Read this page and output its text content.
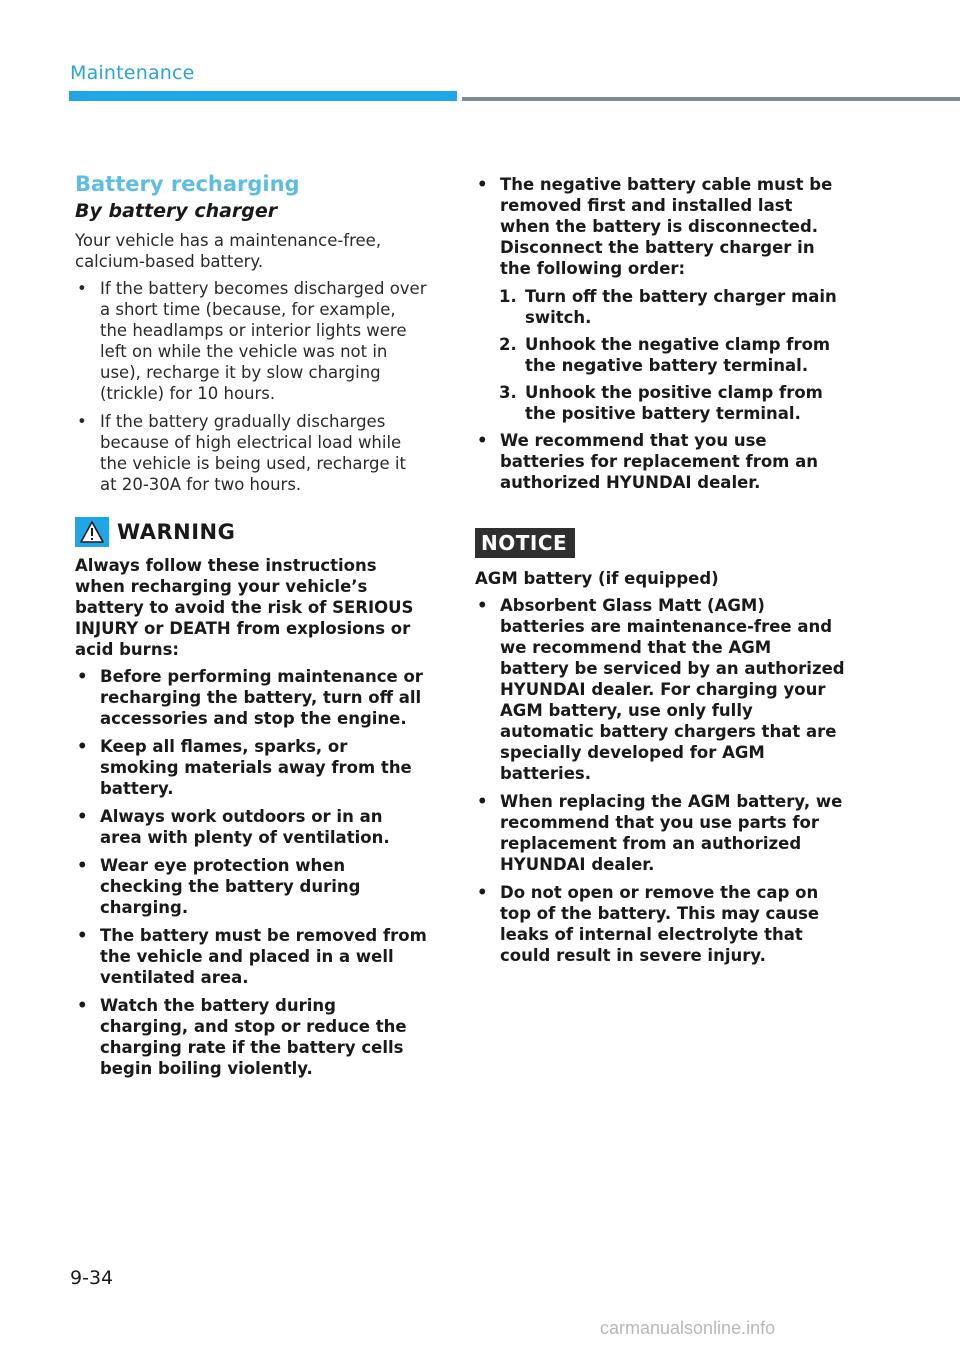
Maintenance
Battery recharging
By battery charger

Your vehicle has a maintenance-free, calcium-based battery.

• If the battery becomes discharged over a short time (because, for example, the headlamps or interior lights were left on while the vehicle was not in use), recharge it by slow charging (trickle) for 10 hours.
• If the battery gradually discharges because of high electrical load while the vehicle is being used, recharge it at 20-30A for two hours.
WARNING

Always follow these instructions when recharging your vehicle’s battery to avoid the risk of SERIOUS INJURY or DEATH from explosions or acid burns:

• Before performing maintenance or recharging the battery, turn off all accessories and stop the engine.
• Keep all flames, sparks, or smoking materials away from the battery.
• Always work outdoors or in an area with plenty of ventilation.
• Wear eye protection when checking the battery during charging.
• The battery must be removed from the vehicle and placed in a well ventilated area.
• Watch the battery during charging, and stop or reduce the charging rate if the battery cells begin boiling violently.
• The negative battery cable must be removed first and installed last when the battery is disconnected. Disconnect the battery charger in the following order:
1. Turn off the battery charger main switch.
2. Unhook the negative clamp from the negative battery terminal.
3. Unhook the positive clamp from the positive battery terminal.
• We recommend that you use batteries for replacement from an authorized HYUNDAI dealer.
NOTICE

AGM battery (if equipped)

• Absorbent Glass Matt (AGM) batteries are maintenance-free and we recommend that the AGM battery be serviced by an authorized HYUNDAI dealer. For charging your AGM battery, use only fully automatic battery chargers that are specially developed for AGM batteries.
• When replacing the AGM battery, we recommend that you use parts for replacement from an authorized HYUNDAI dealer.
• Do not open or remove the cap on top of the battery. This may cause leaks of internal electrolyte that could result in severe injury.
9-34
carmanualsonline.info
